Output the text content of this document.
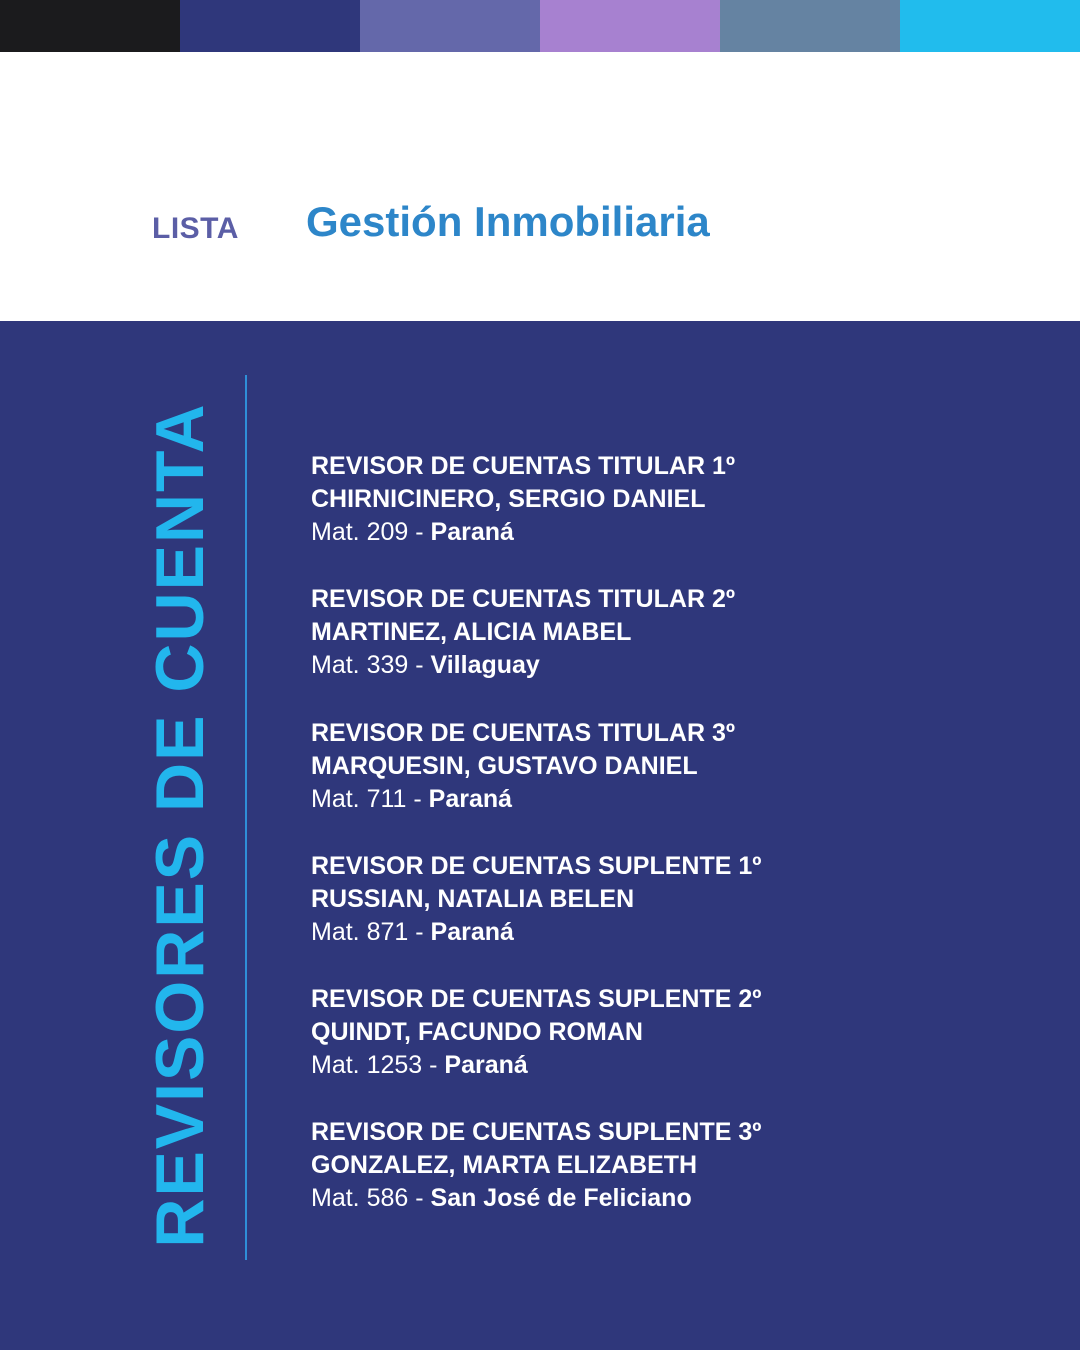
LISTA Gestión Inmobiliaria
REVISORES DE CUENTA	REVISOR DE CUENTAS TITULAR 1º
CHIRNICINERO, SERGIO DANIEL
Mat. 209 - Paraná
REVISOR DE CUENTAS TITULAR 2º
MARTINEZ, ALICIA MABEL
Mat. 339 - Villaguay
REVISOR DE CUENTAS TITULAR 3º
MARQUESIN, GUSTAVO DANIEL
Mat. 711 - Paraná
REVISOR DE CUENTAS SUPLENTE 1º
RUSSIAN, NATALIA BELEN
Mat. 871 - Paraná
REVISOR DE CUENTAS SUPLENTE 2º
QUINDT, FACUNDO ROMAN
Mat. 1253 - Paraná
REVISOR DE CUENTAS SUPLENTE 3º
GONZALEZ, MARTA ELIZABETH
Mat. 586 - San José de Feliciano
